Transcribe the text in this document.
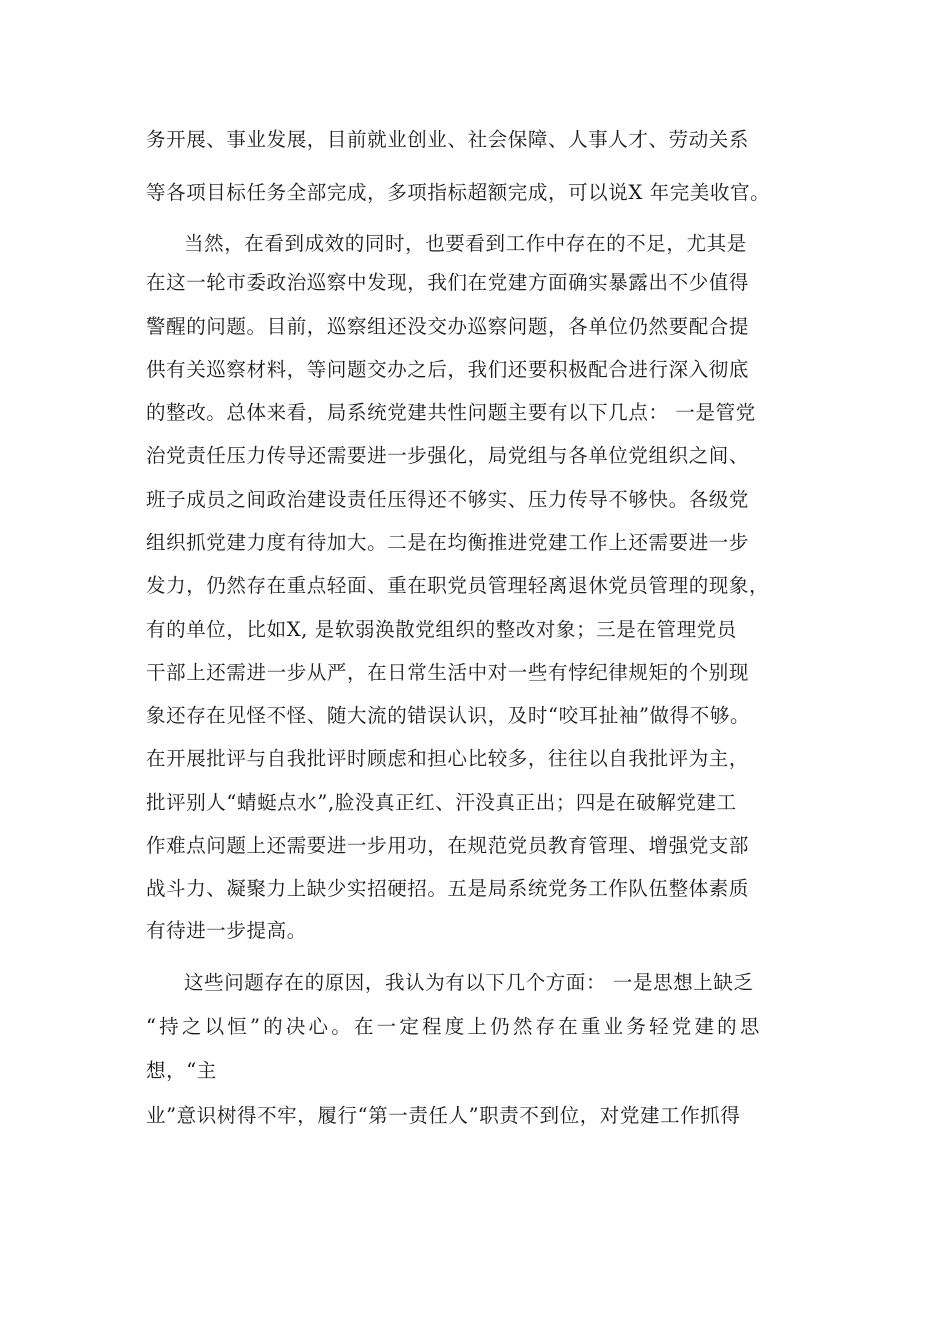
务开展、事业发展，目前就业创业、社会保障、人事人才、劳动关系
等各项目标任务全部完成，多项指标超额完成，可以说X 年完美收官。
当然，在看到成效的同时，也要看到工作中存在的不足，尤其是
在这一轮市委政治巡察中发现，我们在党建方面确实暴露出不少值得
警醒的问题。目前，巡察组还没交办巡察问题，各单位仍然要配合提
供有关巡察材料，等问题交办之后，我们还要积极配合进行深入彻底
的整改。总体来看，局系统党建共性问题主要有以下几点： 一是管党
治党责任压力传导还需要进一步强化，局党组与各单位党组织之间、
班子成员之间政治建设责任压得还不够实、压力传导不够快。各级党
组织抓党建力度有待加大。二是在均衡推进党建工作上还需要进一步
发力，仍然存在重点轻面、重在职党员管理轻离退休党员管理的现象，
有的单位，比如X, 是软弱涣散党组织的整改对象；三是在管理党员
干部上还需进一步从严，在日常生活中对一些有悖纪律规矩的个别现
象还存在见怪不怪、随大流的错误认识，及时“咬耳扯袖”做得不够。
在开展批评与自我批评时顾虑和担心比较多，往往以自我批评为主，
批评别人“蜻蜓点水”,脸没真正红、汗没真正出；四是在破解党建工
作难点问题上还需要进一步用功，在规范党员教育管理、增强党支部
战斗力、凝聚力上缺少实招硬招。五是局系统党务工作队伍整体素质
有待进一步提高。
这些问题存在的原因，我认为有以下几个方面： 一是思想上缺乏
“持之以恒”的决心。在一定程度上仍然存在重业务轻党建的思
想，“主
业”意识树得不牢，履行“第一责任人”职责不到位，对党建工作抓得
